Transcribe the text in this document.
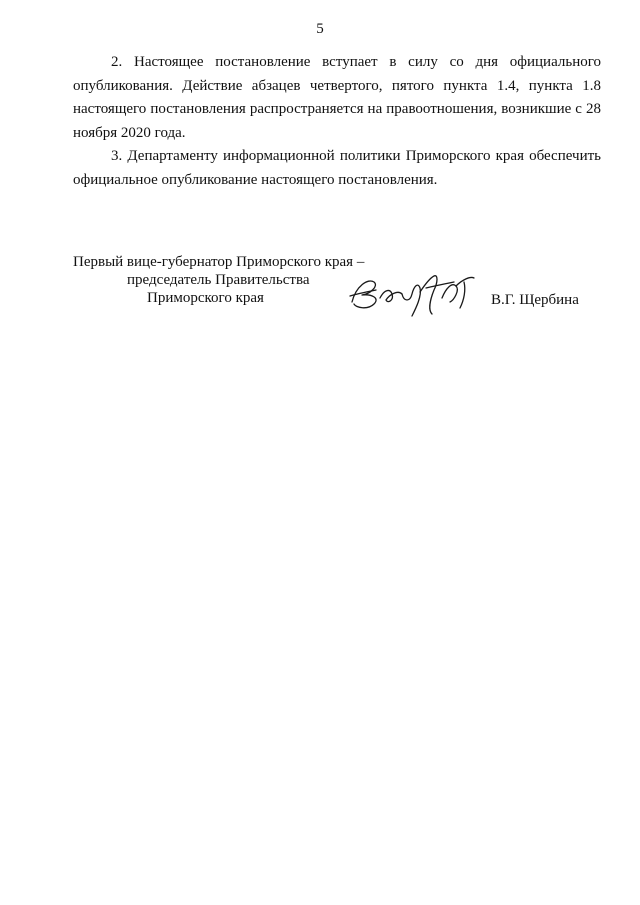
5

2. Настоящее постановление вступает в силу со дня официального опубликования. Действие абзацев четвертого, пятого пункта 1.4, пункта 1.8 настоящего постановления распространяется на правоотношения, возникшие с 28 ноября 2020 года.

3. Департаменту информационной политики Приморского края обеспечить официальное опубликование настоящего постановления.

Первый вице-губернатор Приморского края –
председатель Правительства
Приморского края	В.Г. Щербина
